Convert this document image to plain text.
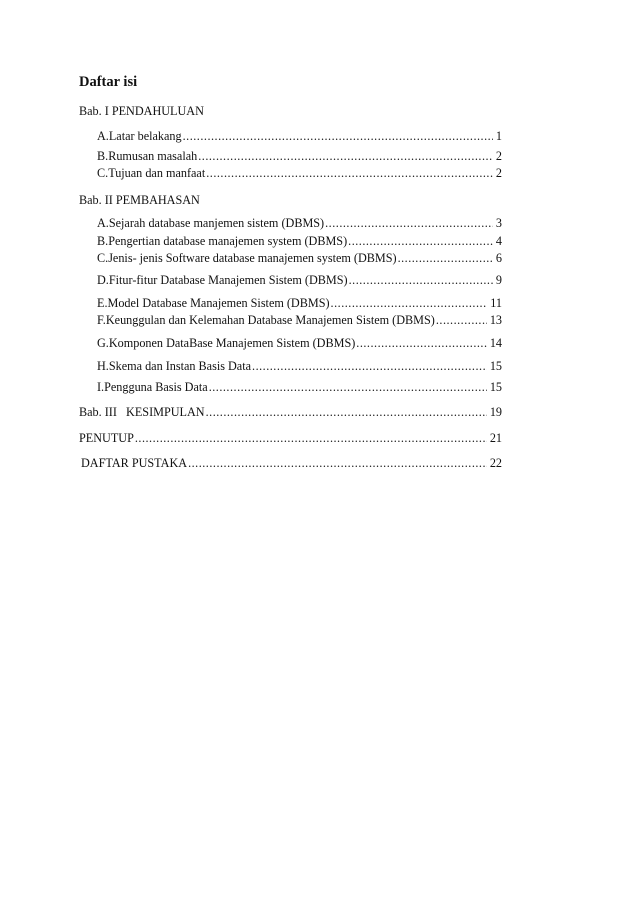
Daftar isi
Bab. I PENDAHULUAN
A. Latar belakang .....	1
B. Rumusan masalah .....	2
C. Tujuan dan manfaat .....	2
Bab. II PEMBAHASAN
A. Sejarah database manjemen sistem (DBMS) .....	3
B. Pengertian database manajemen system (DBMS) .....	4
C. Jenis- jenis Software database manajemen system (DBMS) .....	6
D. Fitur-fitur Database Manajemen Sistem (DBMS) .....	9
E. Model Database Manajemen Sistem (DBMS) .....	11
F. Keunggulan dan Kelemahan Database Manajemen Sistem (DBMS) .....	13
G. Komponen DataBase Manajemen Sistem (DBMS) .....	14
H. Skema dan Instan Basis Data .....	15
I. Pengguna Basis Data .....	15
Bab. III   KESIMPULAN .....	19
PENUTUP .....	21
DAFTAR PUSTAKA .....	22
